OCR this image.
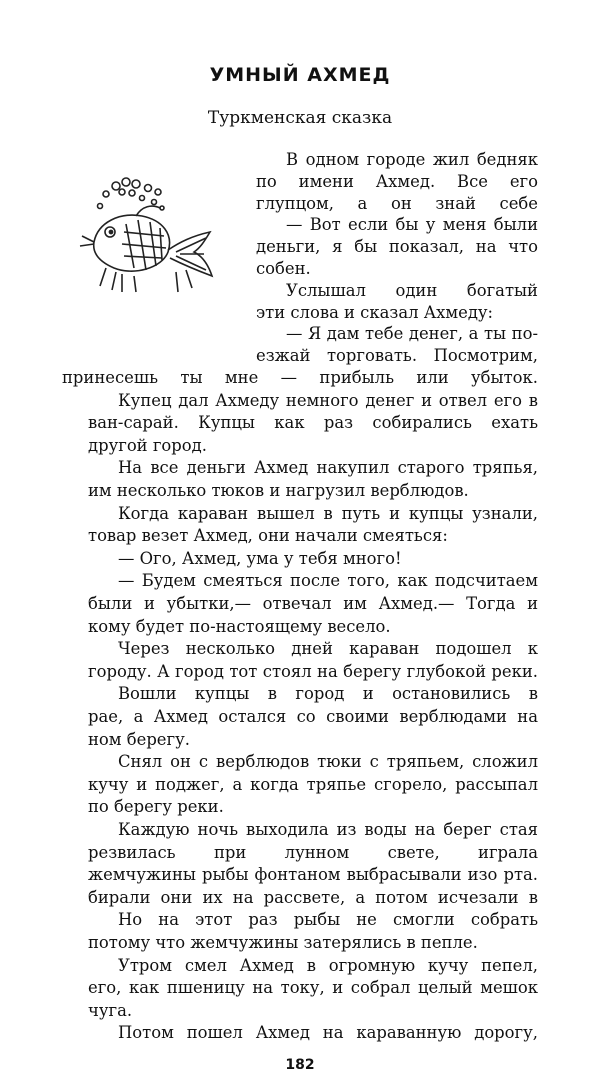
УМНЫЙ АХМЕД
Туркменская сказка
В одном городе жил бедняк
по имени Ахмед. Все его
глупцом, а он знай себе
— Вот если бы у меня были
деньги, я бы показал, на что
собен.
Услышал один богатый
эти слова и сказал Ахмеду:
— Я дам тебе денег, а ты по-
езжай торговать. Посмотрим,
принесешь ты мне — прибыль или убыток.
Купец дал Ахмеду немного денег и отвел его в
ван-сарай. Купцы как раз собирались ехать
другой город.
На все деньги Ахмед накупил старого тряпья,
им несколько тюков и нагрузил верблюдов.
Когда караван вышел в путь и купцы узнали,
товар везет Ахмед, они начали смеяться:
— Ого, Ахмед, ума у тебя много!
— Будем смеяться после того, как подсчитаем
были и убытки,— отвечал им Ахмед.— Тогда и
кому будет по-настоящему весело.
Через несколько дней караван подошел к
городу. А город тот стоял на берегу глубокой реки.
Вошли купцы в город и остановились в
рае, а Ахмед остался со своими верблюдами на
ном берегу.
Снял он с верблюдов тюки с тряпьем, сложил
кучу и поджег, а когда тряпье сгорело, рассыпал
по берегу реки.
Каждую ночь выходила из воды на берег стая
резвилась при лунном свете, играла
жемчужины рыбы фонтаном выбрасывали изо рта.
бирали они их на рассвете, а потом исчезали в
Но на этот раз рыбы не смогли собрать
потому что жемчужины затерялись в пепле.
Утром смел Ахмед в огромную кучу пепел,
его, как пшеницу на току, и собрал целый мешок
чуга.
Потом пошел Ахмед на караванную дорогу,
182
